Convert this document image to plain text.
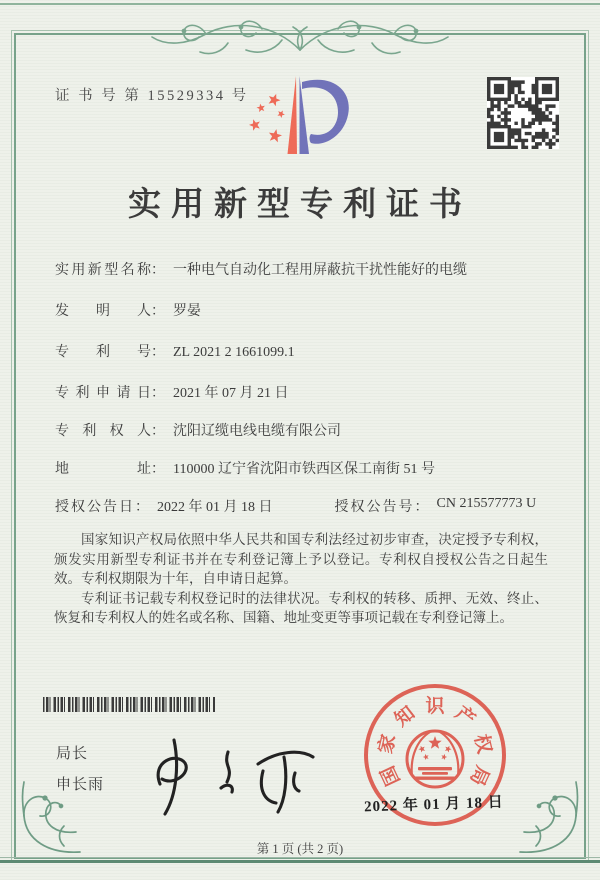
证 书 号 第 15529334 号
实用新型专利证书
实用新型名称： 一种电气自动化工程用屏蔽抗干扰性能好的电缆
发明人： 罗晏
专利号： ZL 2021 2 1661099.1
专利申请日： 2021 年 07 月 21 日
专利权人： 沈阳辽缆电线电缆有限公司
地址： 110000 辽宁省沈阳市铁西区保工南街 51 号
授权公告日 ： 2022 年 01 月 18 日	授权公告号 ： CN 215577773 U

国家知识产权局依照中华人民共和国专利法经过初步审查，决定授予专利权，颁发实用新型专利证书并在专利登记簿上予以登记。专利权自授权公告之日起生效。专利权期限为十年，自申请日起算。

专利证书记载专利权登记时的法律状况。专利权的转移、质押、无效、终止、恢复和专利权人的姓名或名称、国籍、地址变更等事项记载在专利登记簿上。

局长
申长雨	国
家
知 识 产
权
局
2022 年 01 月 18 日
第 1 页 (共 2 页)
